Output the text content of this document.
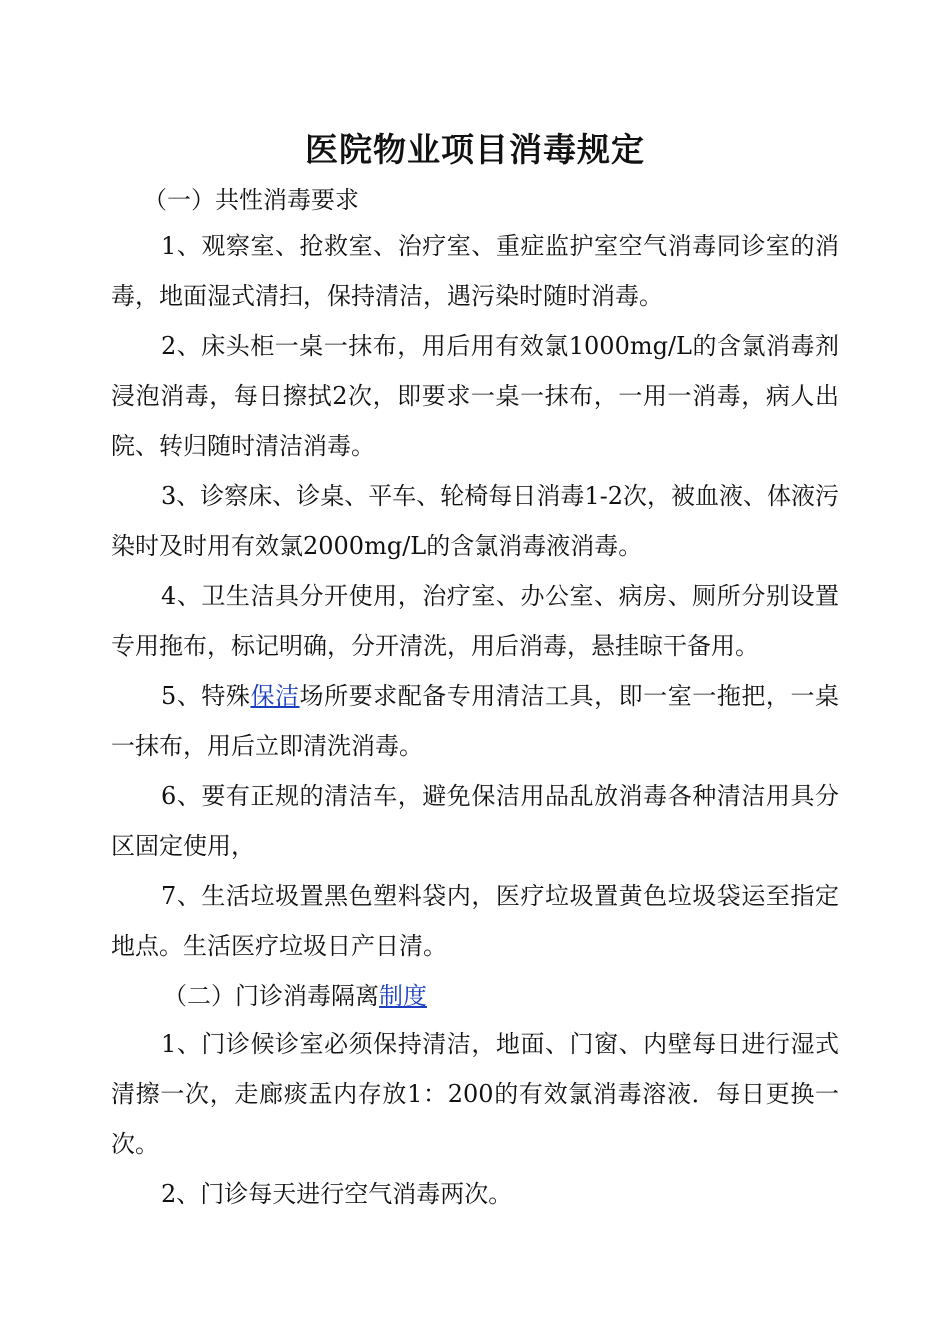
医院物业项目消毒规定
（一）共性消毒要求

1、观察室、抢救室、治疗室、重症监护室空气消毒同诊室的消毒，地面湿式清扫，保持清洁，遇污染时随时消毒。

2、床头柜一桌一抹布，用后用有效氯1000mg/L的含氯消毒剂浸泡消毒，每日擦拭2次，即要求一桌一抹布，一用一消毒，病人出院、转归随时清洁消毒。

3、诊察床、诊桌、平车、轮椅每日消毒1-2次，被血液、体液污染时及时用有效氯2000mg/L的含氯消毒液消毒。

4、卫生洁具分开使用，治疗室、办公室、病房、厕所分别设置专用拖布，标记明确，分开清洗，用后消毒，悬挂晾干备用。

5、特殊保洁场所要求配备专用清洁工具，即一室一拖把，一桌一抹布，用后立即清洗消毒。

6、要有正规的清洁车，避免保洁用品乱放消毒各种清洁用具分区固定使用，

7、生活垃圾置黑色塑料袋内，医疗垃圾置黄色垃圾袋运至指定地点。生活医疗垃圾日产日清。

（二）门诊消毒隔离制度

1、门诊候诊室必须保持清洁，地面、门窗、内壁每日进行湿式清擦一次，走廊痰盂内存放1：200的有效氯消毒溶液．每日更换一次。

2、门诊每天进行空气消毒两次。
